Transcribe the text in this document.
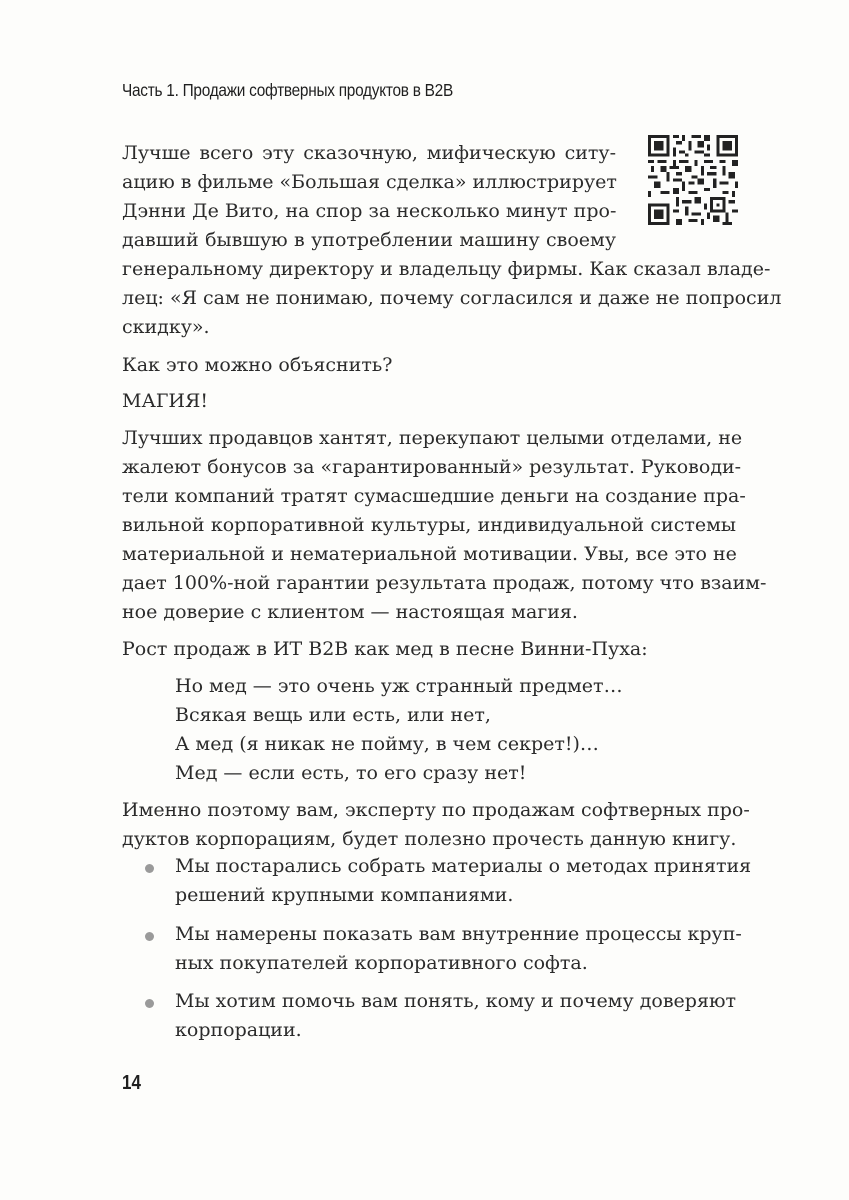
Часть 1. Продажи софтверных продуктов в B2B
Лучше всего эту сказочную, мифическую ситу-
ацию в фильме «Большая сделка» иллюстрирует
Дэнни Де Вито, на спор за несколько минут про-
давший бывшую в употреблении машину своему
генеральному директору и владельцу фирмы. Как сказал владе-
лец: «Я сам не понимаю, почему согласился и даже не попросил
скидку».
Как это можно объяснить?
МАГИЯ!
Лучших продавцов хантят, перекупают целыми отделами, не
жалеют бонусов за «гарантированный» результат. Руководи-
тели компаний тратят сумасшедшие деньги на создание пра-
вильной корпоративной культуры, индивидуальной системы
материальной и нематериальной мотивации. Увы, все это не
дает 100%-ной гарантии результата продаж, потому что взаим-
ное доверие с клиентом — настоящая магия.
Рост продаж в ИТ B2B как мед в песне Винни-Пуха:
Но мед — это очень уж странный предмет…
Всякая вещь или есть, или нет,
А мед (я никак не пойму, в чем секрет!)…
Мед — если есть, то его сразу нет!
Именно поэтому вам, эксперту по продажам софтверных про-
дуктов корпорациям, будет полезно прочесть данную книгу.
Мы постарались собрать материалы о методах принятия
решений крупными компаниями.
Мы намерены показать вам внутренние процессы круп-
ных покупателей корпоративного софта.
Мы хотим помочь вам понять, кому и почему доверяют
корпорации.
14
